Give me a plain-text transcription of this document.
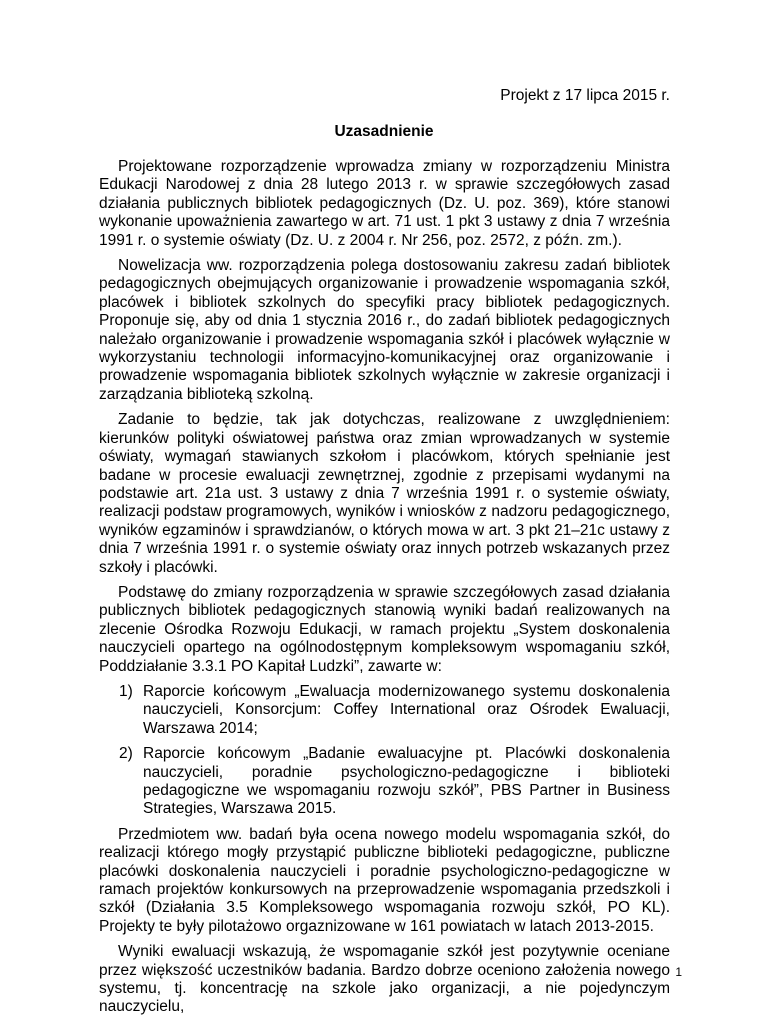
Projekt z 17 lipca 2015 r.
Uzasadnienie

Projektowane rozporządzenie wprowadza zmiany w rozporządzeniu Ministra Edukacji Narodowej z dnia 28 lutego 2013 r. w sprawie szczegółowych zasad działania publicznych bibliotek pedagogicznych (Dz. U. poz. 369), które stanowi wykonanie upoważnienia zawartego w art. 71 ust. 1 pkt 3 ustawy z dnia 7 września 1991 r. o systemie oświaty (Dz. U. z 2004 r. Nr 256, poz. 2572, z późn. zm.).

Nowelizacja ww. rozporządzenia polega dostosowaniu zakresu zadań bibliotek pedagogicznych obejmujących organizowanie i prowadzenie wspomagania szkół, placówek i bibliotek szkolnych do specyfiki pracy bibliotek pedagogicznych. Proponuje się, aby od dnia 1 stycznia 2016 r., do zadań bibliotek pedagogicznych należało organizowanie i prowadzenie wspomagania szkół i placówek wyłącznie w wykorzystaniu technologii informacyjno-komunikacyjnej oraz organizowanie i prowadzenie wspomagania bibliotek szkolnych wyłącznie w zakresie organizacji i zarządzania biblioteką szkolną.

Zadanie to będzie, tak jak dotychczas, realizowane z uwzględnieniem: kierunków polityki oświatowej państwa oraz zmian wprowadzanych w systemie oświaty, wymagań stawianych szkołom i placówkom, których spełnianie jest badane w procesie ewaluacji zewnętrznej, zgodnie z przepisami wydanymi na podstawie art. 21a ust. 3 ustawy z dnia 7 września 1991 r. o systemie oświaty, realizacji podstaw programowych, wyników i wniosków z nadzoru pedagogicznego, wyników egzaminów i sprawdzianów, o których mowa w art. 3 pkt 21–21c ustawy z dnia 7 września 1991 r. o systemie oświaty oraz innych potrzeb wskazanych przez szkoły i placówki.

Podstawę do zmiany rozporządzenia w sprawie szczegółowych zasad działania publicznych bibliotek pedagogicznych stanowią wyniki badań realizowanych na zlecenie Ośrodka Rozwoju Edukacji, w ramach projektu „System doskonalenia nauczycieli opartego na ogólnodostępnym kompleksowym wspomaganiu szkół, Poddziałanie 3.3.1 PO Kapitał Ludzki”, zawarte w:

1) Raporcie końcowym „Ewaluacja modernizowanego systemu doskonalenia nauczycieli, Konsorcjum: Coffey International oraz Ośrodek Ewaluacji, Warszawa 2014;
2) Raporcie końcowym „Badanie ewaluacyjne pt. Placówki doskonalenia nauczycieli, poradnie psychologiczno-pedagogiczne i biblioteki pedagogiczne we wspomaganiu rozwoju szkół”, PBS Partner in Business Strategies, Warszawa 2015.

Przedmiotem ww. badań była ocena nowego modelu wspomagania szkół, do realizacji którego mogły przystąpić publiczne biblioteki pedagogiczne, publiczne placówki doskonalenia nauczycieli i poradnie psychologiczno-pedagogiczne w ramach projektów konkursowych na przeprowadzenie wspomagania przedszkoli i szkół (Działania 3.5 Kompleksowego wspomagania rozwoju szkół, PO KL). Projekty te były pilotażowo orgaznizowane w 161 powiatach w latach 2013-2015.

Wyniki ewaluacji wskazują, że wspomaganie szkół jest pozytywnie oceniane przez większość uczestników badania. Bardzo dobrze oceniono założenia nowego systemu, tj. koncentrację na szkole jako organizacji, a nie pojedynczym nauczycielu,

1
